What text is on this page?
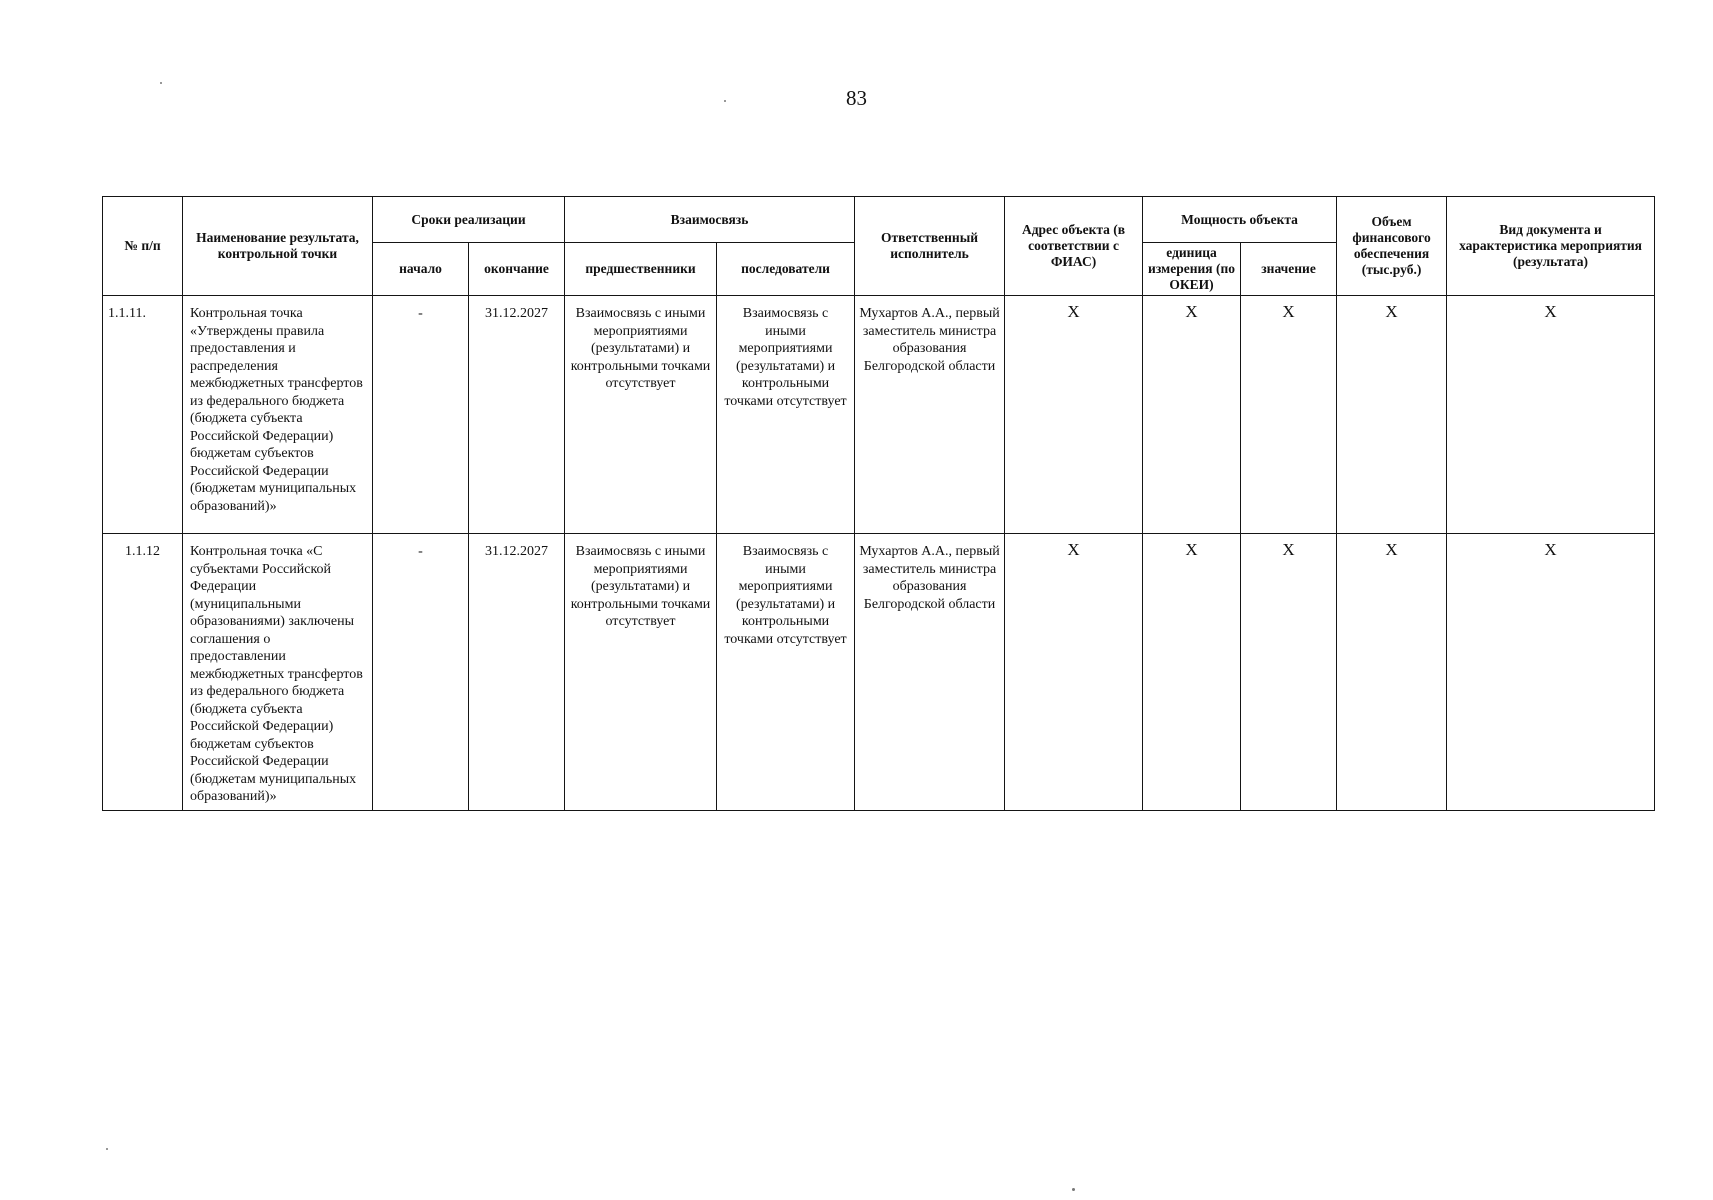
83
№ п/п	Наименование результата, контрольной точки	Сроки реализации		Взаимосвязь		Ответственный исполнитель	Адрес объекта (в соответствии с ФИАС)	Мощность объекта		Объем финансового обеспечения (тыс.руб.)	Вид документа и характеристика мероприятия (результата)
		начало	окончание	предшественники	последователи			единица измерения (по ОКЕИ)	значение		
1.1.11.	Контрольная точка «Утверждены правила предоставления и распределения межбюджетных трансфертов из федерального бюджета (бюджета субъекта Российской Федерации) бюджетам субъектов Российской Федерации (бюджетам муниципальных образований)»	-	31.12.2027	Взаимосвязь с иными мероприятиями (результатами) и контрольными точками отсутствует	Взаимосвязь с иными мероприятиями (результатами) и контрольными точками отсутствует	Мухартов А.А., первый заместитель министра образования Белгородской области	Х	Х	Х	Х	Х
1.1.12	Контрольная точка «С субъектами Российской Федерации (муниципальными образованиями) заключены соглашения о предоставлении межбюджетных трансфертов из федерального бюджета (бюджета субъекта Российской Федерации) бюджетам субъектов Российской Федерации (бюджетам муниципальных образований)»	-	31.12.2027	Взаимосвязь с иными мероприятиями (результатами) и контрольными точками отсутствует	Взаимосвязь с иными мероприятиями (результатами) и контрольными точками отсутствует	Мухартов А.А., первый заместитель министра образования Белгородской области	Х	Х	Х	Х	Х
